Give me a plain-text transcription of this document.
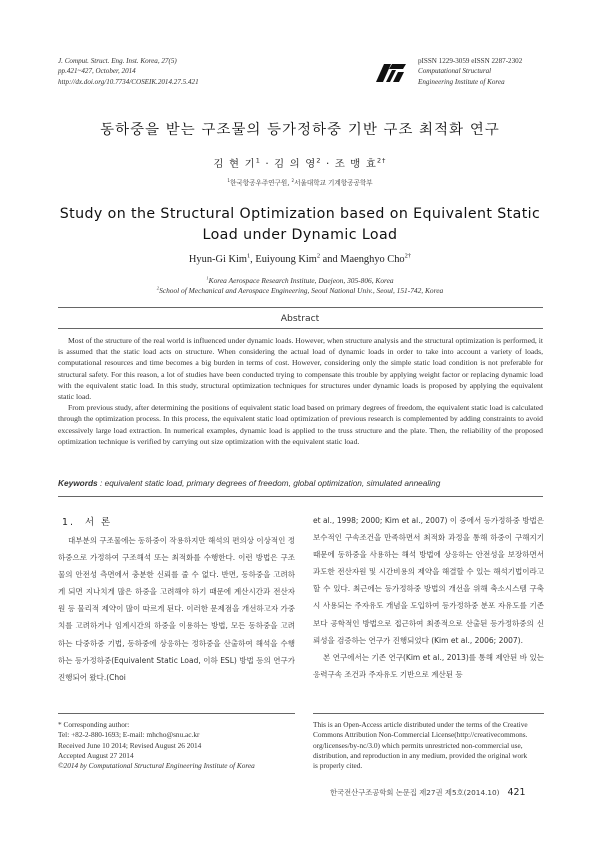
J. Comput. Struct. Eng. Inst. Korea, 27(5)
pp.421~427, October, 2014
http://dx.doi.org/10.7734/COSEIK.2014.27.5.421
pISSN 1229-3059 eISSN 2287-2302
Computational Structural
Engineering Institute of Korea
동하중을 받는 구조물의 등가정하중 기반 구조 최적화 연구
김 현 기$^1$ · 김 의 영$^2$ · 조 맹 효$^{2\dagger}$
$^1$한국항공우주연구원, $^2$서울대학교 기계항공공학부
Study on the Structural Optimization based on Equivalent Static
Load under Dynamic Load
Hyun-Gi Kim$^1$, Euiyoung Kim$^2$ and Maenghyo Cho$^{2\dagger}$
$^1$Korea Aerospace Research Institute, Daejeon, 305-806, Korea
$^2$School of Mechanical and Aerospace Engineering, Seoul National Univ., Seoul, 151-742, Korea
Abstract

Most of the structure of the real world is influenced under dynamic loads. However, when structure analysis and the structural optimization is performed, it is assumed that the static load acts on structure. When considering the actual load of dynamic loads in order to take into account a variety of loads, computational resources and time becomes a big burden in terms of cost. However, considering only the simple static load condition is not preferable for structural safety. For this reason, a lot of studies have been conducted trying to compensate this trouble by applying weight factor or replacing dynamic load with the equivalent static load. In this study, structural optimization techniques for structures under dynamic loads is proposed by applying the equivalent static load.

From previous study, after determining the positions of equivalent static load based on primary degrees of freedom, the equivalent static load is calculated through the optimization process. In this process, the equivalent static load optimization of previous research is complemented by adding constraints to avoid excessively large load extraction. In numerical examples, dynamic load is applied to the truss structure and the plate. Then, the reliability of the proposed optimization technique is verified by carrying out size optimization with the equivalent static load.

Keywords : equivalent static load, primary degrees of freedom, global optimization, simulated annealing
1. 서 론

대부분의 구조물에는 동하중이 작용하지만 해석의 편의상 이상적인 정하중으로 가정하여 구조해석 또는 최적화를 수행한다. 이런 방법은 구조물의 안전성 측면에서 충분한 신뢰를 줄 수 없다. 반면, 동하중을 고려하게 되면 지나치게 많은 하중을 고려해야 하기 때문에 계산시간과 전산자원 등 물리적 제약이 많이 따르게 된다. 이러한 문제점을 개선하고자 가중치를 고려하거나 임계시간의 하중을 이용하는 방법, 모든 동하중을 고려하는 다중하중 기법, 동하중에 상응하는 정하중을 산출하여 해석을 수행하는 등가정하중(Equivalent Static Load, 이하 ESL) 방법 등의 연구가 진행되어 왔다.(Choi

et al., 1998; 2000; Kim et al., 2007) 이 중에서 등가정하중 방법은 보수적인 구속조건을 만족하면서 최적화 과정을 통해 하중이 구해지기 때문에 동하중을 사용하는 해석 방법에 상응하는 안전성을 보장하면서 과도한 전산자원 및 시간비용의 제약을 해결할 수 있는 해석기법이라고 할 수 있다. 최근에는 등가정하중 방법의 개선을 위해 축소시스템 구축시 사용되는 주자유도 개념을 도입하여 등가정하중 분포 자유도를 기존보다 공학적인 방법으로 접근하여 최종적으로 산출된 등가정하중의 신뢰성을 검증하는 연구가 진행되었다 (Kim et al., 2006; 2007).

본 연구에서는 기존 연구(Kim et al., 2013)를 통해 제안된 바 있는 응력구속 조건과 주자유도 기반으로 계산된 등

* Corresponding author:
Tel: +82-2-880-1693; E-mail: mhcho@snu.ac.kr
Received June 10 2014; Revised August 26 2014
Accepted August 27 2014
©2014 by Computational Structural Engineering Institute of Korea
This is an Open-Access article distributed under the terms of the Creative
Commons Attribution Non-Commercial License(http://creativecommons.
org/licenses/by-nc/3.0) which permits unrestricted non-commercial use,
distribution, and reproduction in any medium, provided the original work
is properly cited.
한국전산구조공학회 논문집 제27권 제5호(2014.10) 421
